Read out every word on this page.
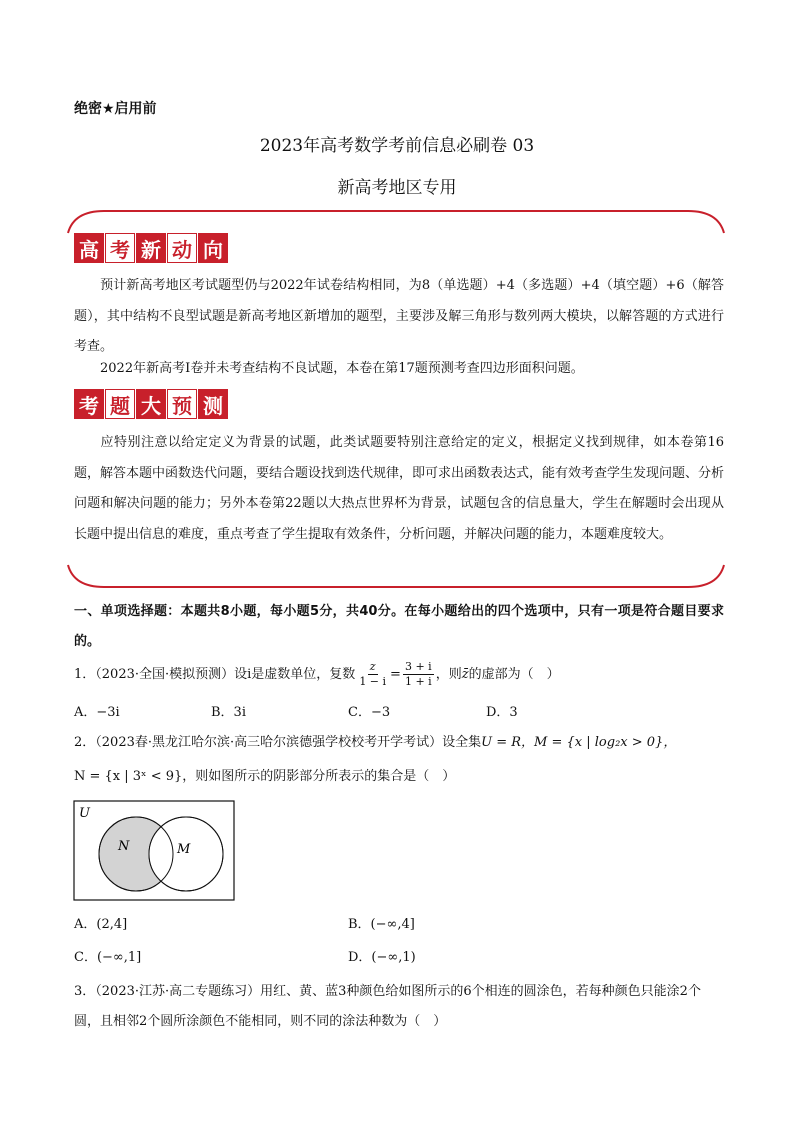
绝密★启用前
2023年高考数学考前信息必刷卷 03
新高考地区专用
高 考 新 动 向
预计新高考地区考试题型仍与2022年试卷结构相同，为8（单选题）+4（多选题）+4（填空题）+6（解答题），其中结构不良型试题是新高考地区新增加的题型，主要涉及解三角形与数列两大模块，以解答题的方式进行考查。
2022年新高考Ⅰ卷并未考查结构不良试题，本卷在第17题预测考查四边形面积问题。
考 题 大 预 测
应特别注意以给定定义为背景的试题，此类试题要特别注意给定的定义，根据定义找到规律，如本卷第16题，解答本题中函数迭代问题，要结合题设找到迭代规律，即可求出函数表达式，能有效考查学生发现问题、分析问题和解决问题的能力；另外本卷第22题以大热点世界杯为背景，试题包含的信息量大，学生在解题时会出现从长题中提出信息的难度，重点考查了学生提取有效条件，分析问题，并解决问题的能力，本题难度较大。
一、单项选择题：本题共8小题，每小题5分，共40分。在每小题给出的四个选项中，只有一项是符合题目要求的。
1．（2023·全国·模拟预测）设i是虚数单位，复数 $\frac{z}{1 - i} = \frac{3 + i}{1 + i}$ ，则z̄的虚部为（　）
A．−3i	B．3i	C．−3	D．3
2．（2023春·黑龙江哈尔滨·高三哈尔滨德强学校校考开学考试）设全集U = R，M = {x | log₂x > 0}，
N = {x | 3ˣ < 9}，则如图所示的阴影部分所表示的集合是（　）
U
N	M
A．(2,4]	B．(−∞,4]
C．(−∞,1]	D．(−∞,1)
3．（2023·江苏·高二专题练习）用红、黄、蓝3种颜色给如图所示的6个相连的圆涂色，若每种颜色只能涂2个圆，且相邻2个圆所涂颜色不能相同，则不同的涂法种数为（　）
